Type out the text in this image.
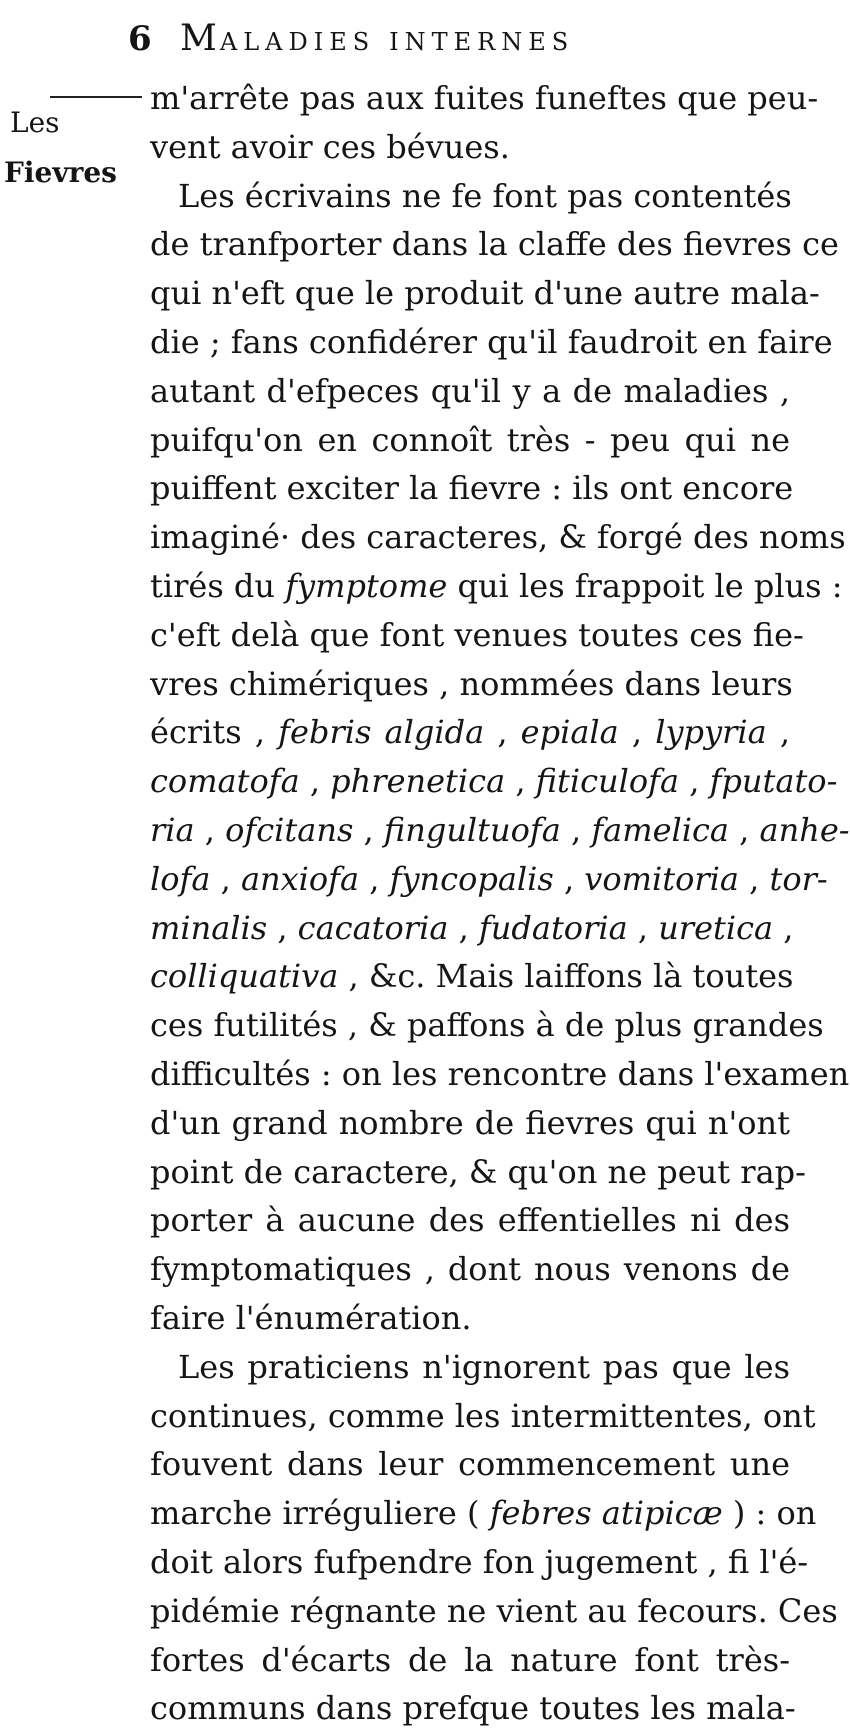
6 MALADIES INTERNES
Les
Fievres
m'arrête pas aux fuites funeftes que peu-
vent avoir ces bévues.
Les écrivains ne fe font pas contentés
de tranfporter dans la claffe des fievres ce
qui n'eft que le produit d'une autre mala-
die ; fans confidérer qu'il faudroit en faire
autant d'efpeces qu'il y a de maladies ,
puifqu'on en connoît très - peu qui ne
puiffent exciter la fievre : ils ont encore
imaginé· des caracteres, & forgé des noms
tirés du fymptome qui les frappoit le plus :
c'eft delà que font venues toutes ces fie-
vres chimériques , nommées dans leurs
écrits , febris algida , epiala , lypyria ,
comatofa , phrenetica , fiticulofa , fputato-
ria , ofcitans , fingultuofa , famelica , anhe-
lofa , anxiofa , fyncopalis , vomitoria , tor-
minalis , cacatoria , fudatoria , uretica ,
colliquativa , &c. Mais laiffons là toutes
ces futilités , & paffons à de plus grandes
difficultés : on les rencontre dans l'examen
d'un grand nombre de fievres qui n'ont
point de caractere, & qu'on ne peut rap-
porter à aucune des effentielles ni des
fymptomatiques , dont nous venons de
faire l'énumération.
Les praticiens n'ignorent pas que les
continues, comme les intermittentes, ont
fouvent dans leur commencement une
marche irréguliere ( febres atipicæ ) : on
doit alors fufpendre fon jugement , fi l'é-
pidémie régnante ne vient au fecours. Ces
fortes d'écarts de la nature font très-
communs dans prefque toutes les mala-
